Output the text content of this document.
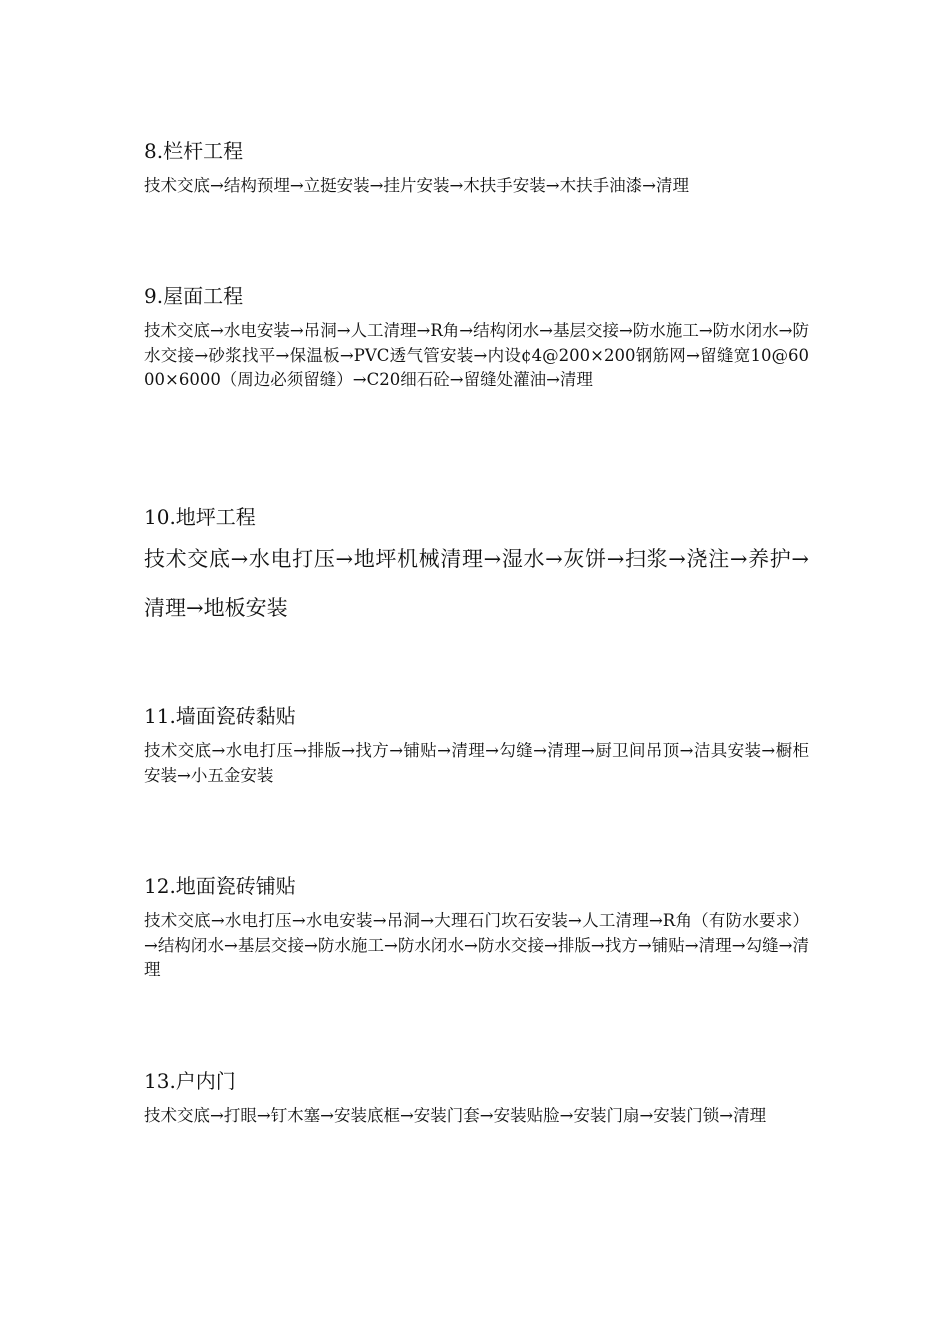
8.栏杆工程

技术交底→结构预埋→立挺安装→挂片安装→木扶手安装→木扶手油漆→清理

9.屋面工程

技术交底→水电安装→吊洞→人工清理→R角→结构闭水→基层交接→防水施工→防水闭水→防水交接→砂浆找平→保温板→PVC透气管安装→内设¢4@200×200钢筋网→留缝宽10@6000×6000（周边必须留缝）→C20细石砼→留缝处灌油→清理

10.地坪工程

技术交底→水电打压→地坪机械清理→湿水→灰饼→扫浆→浇注→养护→清理→地板安装

11.墙面瓷砖黏贴

技术交底→水电打压→排版→找方→铺贴→清理→勾缝→清理→厨卫间吊顶→洁具安装→橱柜安装→小五金安装

12.地面瓷砖铺贴

技术交底→水电打压→水电安装→吊洞→大理石门坎石安装→人工清理→R角（有防水要求）→结构闭水→基层交接→防水施工→防水闭水→防水交接→排版→找方→铺贴→清理→勾缝→清理

13.户内门

技术交底→打眼→钉木塞→安装底框→安装门套→安装贴脸→安装门扇→安装门锁→清理
